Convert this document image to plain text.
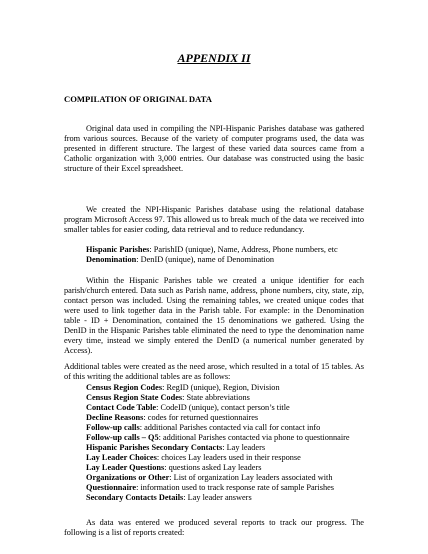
APPENDIX II
COMPILATION OF ORIGINAL DATA
Original data used in compiling the NPI-Hispanic Parishes database was gathered from various sources. Because of the variety of computer programs used, the data was presented in different structure. The largest of these varied data sources came from a Catholic organization with 3,000 entries. Our database was constructed using the basic structure of their Excel spreadsheet.
We created the NPI-Hispanic Parishes database using the relational database program Microsoft Access 97. This allowed us to break much of the data we received into smaller tables for easier coding, data retrieval and to reduce redundancy.
Hispanic Parishes: ParishID (unique), Name, Address, Phone numbers, etc
Denomination: DenID (unique), name of Denomination
Within the Hispanic Parishes table we created a unique identifier for each parish/church entered. Data such as Parish name, address, phone numbers, city, state, zip, contact person was included. Using the remaining tables, we created unique codes that were used to link together data in the Parish table. For example: in the Denomination table - ID + Denomination, contained the 15 denominations we gathered. Using the DenID in the Hispanic Parishes table eliminated the need to type the denomination name every time, instead we simply entered the DenID (a numerical number generated by Access).
Additional tables were created as the need arose, which resulted in a total of 15 tables. As of this writing the additional tables are as follows:
Census Region Codes: RegID (unique), Region, Division
Census Region State Codes: State abbreviations
Contact Code Table: CodeID (unique), contact person’s title
Decline Reasons: codes for returned questionnaires
Follow-up calls: additional Parishes contacted via call for contact info
Follow-up calls – Q5: additional Parishes contacted via phone to questionnaire
Hispanic Parishes Secondary Contacts: Lay leaders
Lay Leader Choices: choices Lay leaders used in their response
Lay Leader Questions: questions asked Lay leaders
Organizations or Other: List of organization Lay leaders associated with
Questionnaire: information used to track response rate of sample Parishes
Secondary Contacts Details: Lay leader answers
As data was entered we produced several reports to track our progress. The following is a list of reports created:
